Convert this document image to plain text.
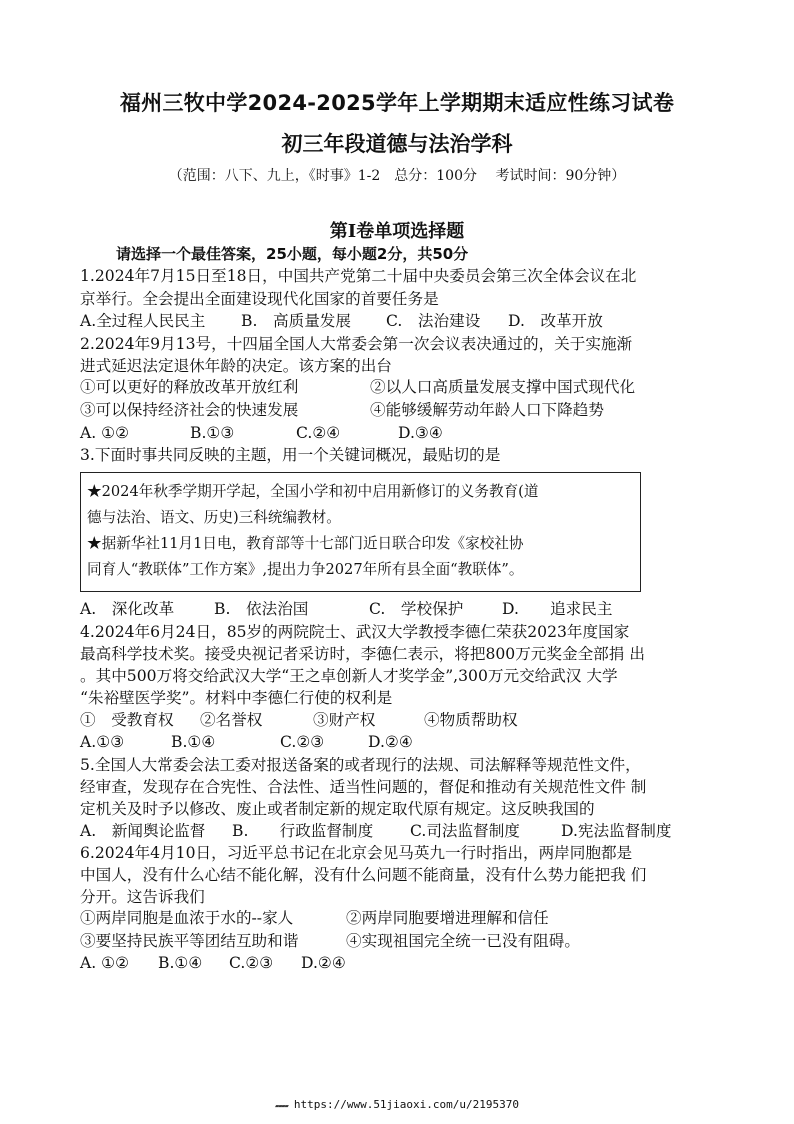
福州三牧中学2024-2025学年上学期期末适应性练习试卷
初三年段道德与法治学科
（范围：八下、九上，《时事》1-2　总分：100分　 考试时间：90分钟）
第I卷单项选择题
请选择一个最佳答案，25小题，每小题2分，共50分
1.2024年7月15日至18日，中国共产党第二十届中央委员会第三次全体会议在北
京举行。全会提出全面建设现代化国家的首要任务是
A.全过程人民民主 B.　高质量发展 C.　法治建设 D.　改革开放
2.2024年9月13号，十四届全国人大常委会第一次会议表决通过的，关于实施渐
进式延迟法定退休年龄的决定。该方案的出台
①可以更好的释放改革开放红利	②以人口高质量发展支撑中国式现代化
③可以保持经济社会的快速发展	④能够缓解劳动年龄人口下降趋势
A. ①②	B.①③	C.②④	D.③④
3.下面时事共同反映的主题，用一个关键词概况，最贴切的是
★2024年秋季学期开学起，全国小学和初中启用新修订的义务教育(道
德与法治、语文、历史)三科统编教材。
★据新华社11月1日电，教育部等十七部门近日联合印发《家校社协
同育人“教联体”工作方案》,提出力争2027年所有县全面“教联体”。
A.　深化改革	B.　依法治国	C.　学校保护 D.　　追求民主
4.2024年6月24日，85岁的两院院士、武汉大学教授李德仁荣获2023年度国家
最高科学技术奖。接受央视记者采访时，李德仁表示，将把800万元奖金全部捐 出
。其中500万将交给武汉大学“王之卓创新人才奖学金”,300万元交给武汉 大学
“朱裕壁医学奖”。材料中李德仁行使的权利是
①　受教育权 ②名誉权	③财产权	④物质帮助权
A.①③	B.①④	C.②③	D.②④
5.全国人大常委会法工委对报送备案的或者现行的法规、司法解释等规范性文件，
经审查，发现存在合宪性、合法性、适当性问题的，督促和推动有关规范性文件 制
定机关及时予以修改、废止或者制定新的规定取代原有规定。这反映我国的
A.　新闻舆论监督 B.　　行政监督制度 C.司法监督制度	D.宪法监督制度
6.2024年4月10日，习近平总书记在北京会见马英九一行时指出，两岸同胞都是
中国人，没有什么心结不能化解，没有什么问题不能商量，没有什么势力能把我 们
分开。这告诉我们
①两岸同胞是血浓于水的--家人	②两岸同胞要增进理解和信任
③要坚持民族平等团结互助和谐	④实现祖国完全统一已没有阻碍。
A. ①② B.①④ C.②③ D.②④
▰▰▰▰ https://www.51jiaoxi.com/u/2195370
